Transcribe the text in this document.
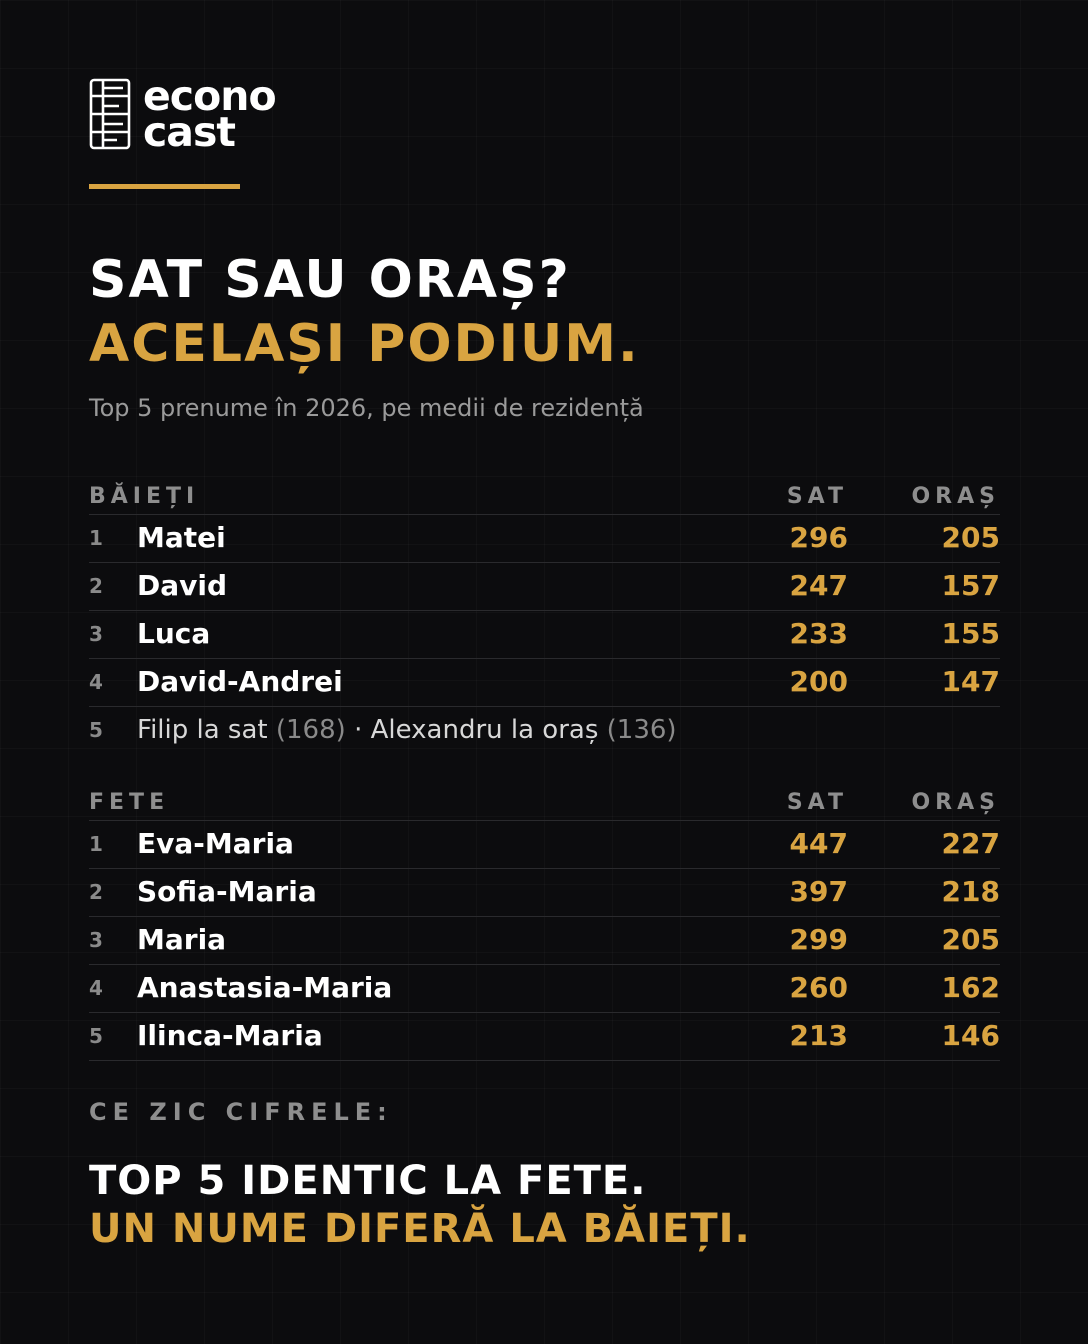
econo
cast
SAT SAU ORAȘ?
ACELAȘI PODIUM.
Top 5 prenume în 2026, pe medii de rezidență
BĂIEȚI	SAT	ORAȘ
1 Matei	296	205
2 David	247	157
3 Luca	233	155
4 David-Andrei	200	147
5 Filip la sat (168) · Alexandru la oraș (136)
FETE	SAT	ORAȘ
1 Eva-Maria	447	227
2 Sofia-Maria	397	218
3 Maria	299	205
4 Anastasia-Maria	260	162
5 Ilinca-Maria	213	146
CE ZIC CIFRELE:
TOP 5 IDENTIC LA FETE.
UN NUME DIFERĂ LA BĂIEȚI.
